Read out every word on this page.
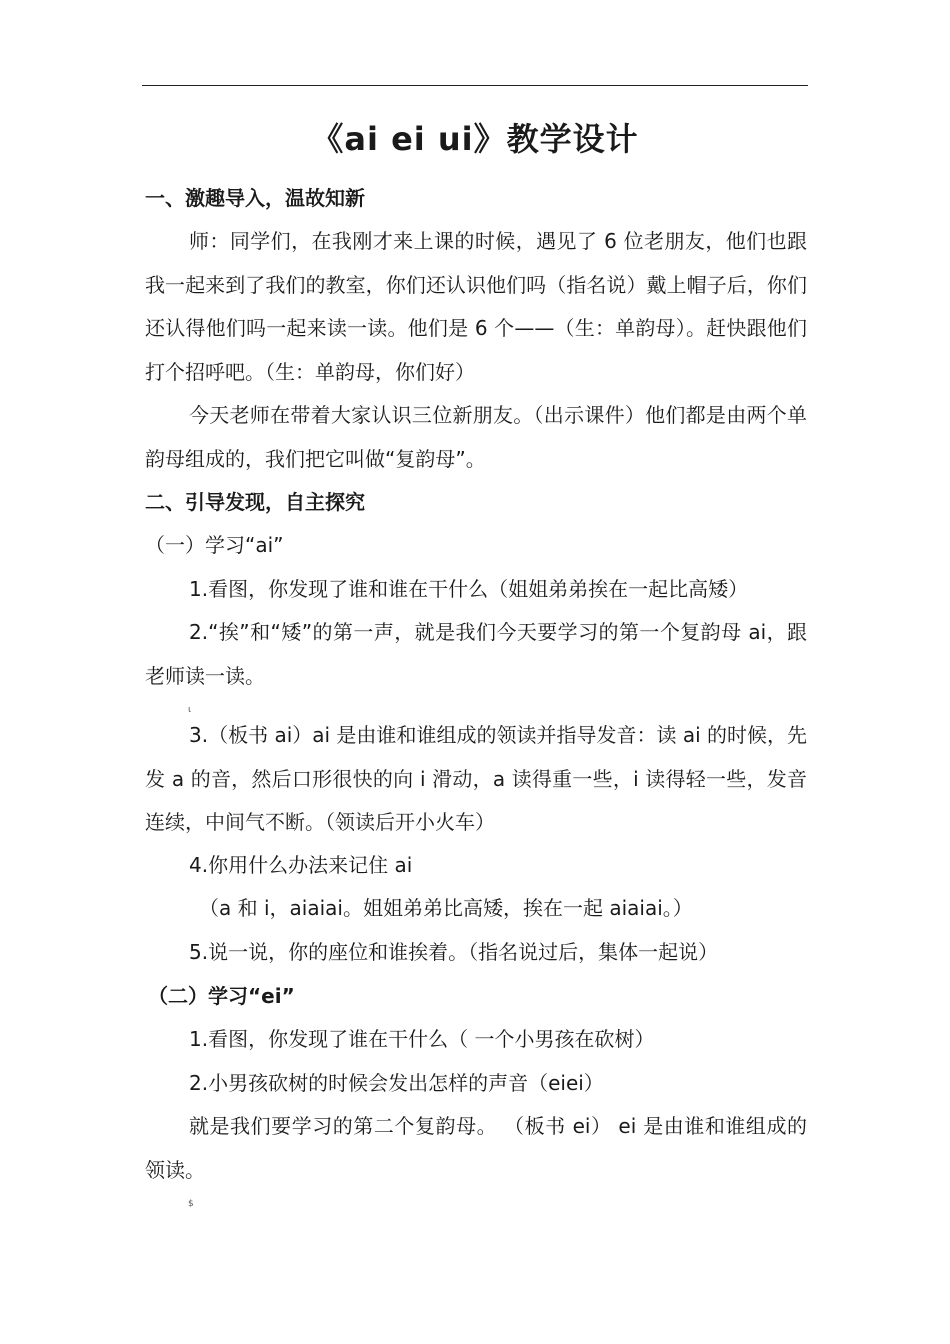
《ai ei ui》教学设计
一、激趣导入，温故知新
师：同学们，在我刚才来上课的时候，遇见了 6 位老朋友，他们也跟我一起来到了我们的教室，你们还认识他们吗（指名说）戴上帽子后，你们还认得他们吗一起来读一读。他们是 6 个——（生：单韵母）。赶快跟他们打个招呼吧。（生：单韵母，你们好）
今天老师在带着大家认识三位新朋友。（出示课件）他们都是由两个单韵母组成的，我们把它叫做“复韵母”。
二、引导发现，自主探究
（一）学习“ai”
1.看图，你发现了谁和谁在干什么（姐姐弟弟挨在一起比高矮）
2.“挨”和“矮”的第一声，就是我们今天要学习的第一个复韵母 ai，跟老师读一读。
ι
3.（板书 ai）ai 是由谁和谁组成的领读并指导发音：读 ai 的时候，先发 a 的音，然后口形很快的向 i 滑动，a 读得重一些，i 读得轻一些，发音连续，中间气不断。（领读后开小火车）
4.你用什么办法来记住 ai
（a 和 i，aiaiai。姐姐弟弟比高矮，挨在一起 aiaiai。）
5.说一说，你的座位和谁挨着。（指名说过后，集体一起说）
（二）学习“ei”
1.看图，你发现了谁在干什么（ 一个小男孩在砍树）
2.小男孩砍树的时候会发出怎样的声音（eiei）
就是我们要学习的第二个复韵母。 （板书 ei） ei 是由谁和谁组成的领读。
$
